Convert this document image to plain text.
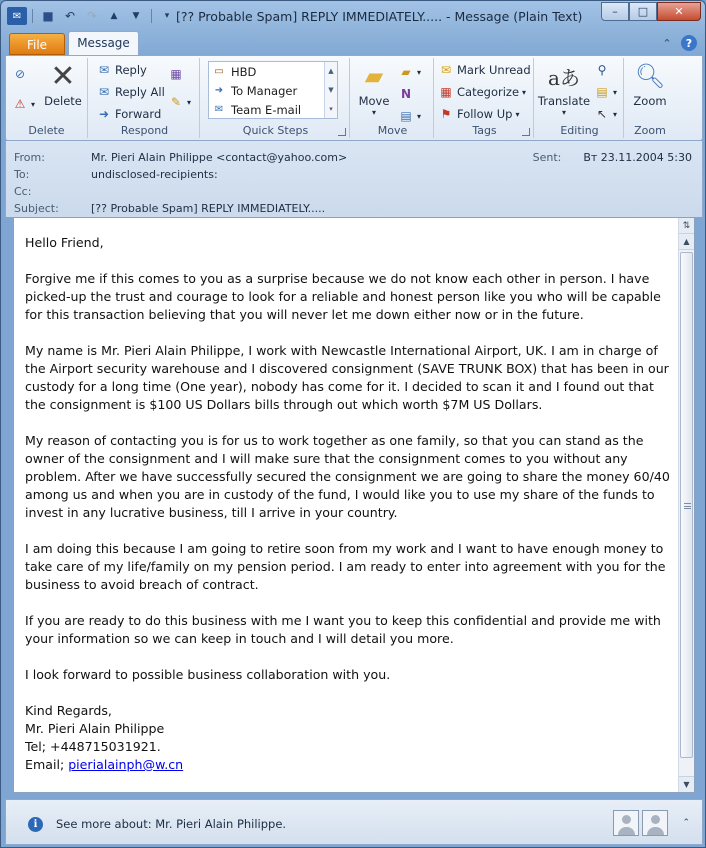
✉	■ ↶ ↷	▲	▼	▾ [?? Probable Spam] REPLY IMMEDIATELY..... - Message (Plain Text)	–	□	✕
File	Message	⌃	?
⊘
⚠ ▾
✕
Delete
Delete
✉ Reply
✉ Reply All
➜ Forward
▦
✎ ▾
Respond
▭ HBD
➜ To Manager
✉ Team E-mail
▲
▼
▾
Quick Steps
▰
Move
▾
▰ ▾
N
▤ ▾
Move
✉ Mark Unread
▦ Categorize ▾
⚑ Follow Up ▾
Tags
aあ
Translate
▾
⚲
▤ ▾
↖ ▾
Editing
🔍︎
Zoom
Zoom
From:	Mr. Pieri Alain Philippe <contact@yahoo.com>
To:	undisclosed-recipients:
Cc:
Subject:	[?? Probable Spam] REPLY IMMEDIATELY.....
Sent: Вт 23.11.2004 5:30

Hello Friend,

Forgive me if this comes to you as a surprise because we do not know each other in person. I have picked-up the trust and courage to look for a reliable and honest person like you who will be capable for this transaction believing that you will never let me down either now or in the future.

My name is Mr. Pieri Alain Philippe, I work with Newcastle International Airport, UK. I am in charge of the Airport security warehouse and I discovered consignment (SAVE TRUNK BOX) that has been in our custody for a long time (One year), nobody has come for it. I decided to scan it and I found out that the consignment is $100 US Dollars bills through out which worth $7M US Dollars.

My reason of contacting you is for us to work together as one family, so that you can stand as the owner of the consignment and I will make sure that the consignment comes to you without any problem. After we have successfully secured the consignment we are going to share the money 60/40 among us and when you are in custody of the fund, I would like you to use my share of the funds to invest in any lucrative business, till I arrive in your country.

I am doing this because I am going to retire soon from my work and I want to have enough money to take care of my life/family on my pension period. I am ready to enter into agreement with you for the business to avoid breach of contract.

If you are ready to do this business with me I want you to keep this confidential and provide me with your information so we can keep in touch and I will detail you more.

I look forward to possible business collaboration with you.

Kind Regards,
Mr. Pieri Alain Philippe
Tel; +448715031921.
Email; pierialainph@w.cn
⇅
▲
▼
i	See more about: Mr. Pieri Alain Philippe.	⌃
